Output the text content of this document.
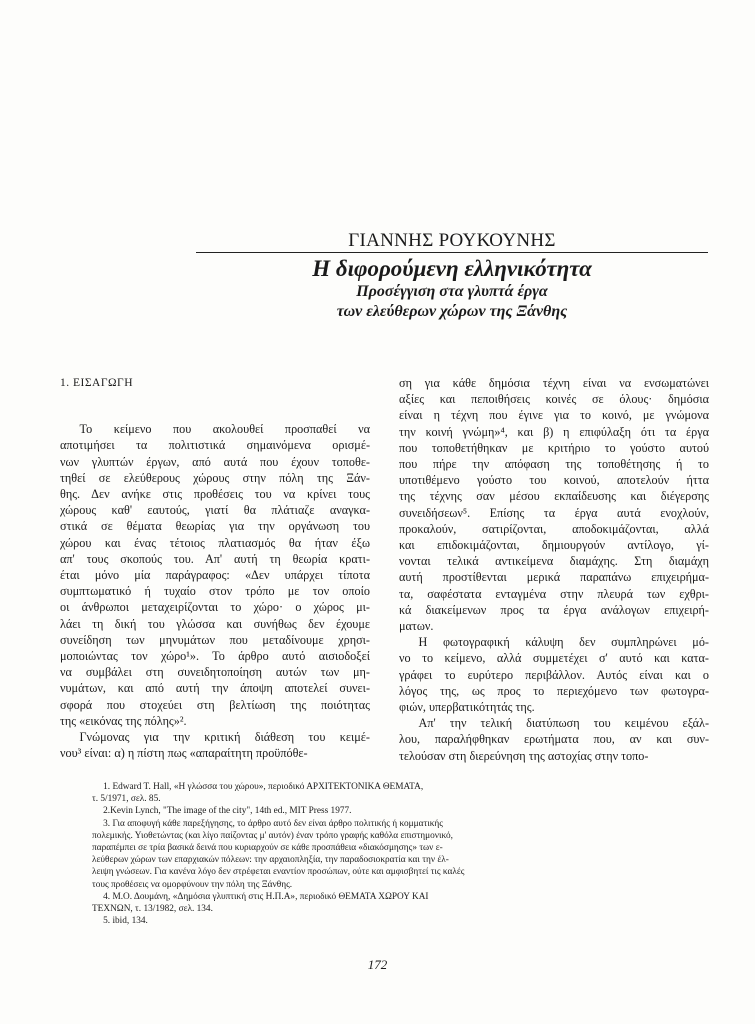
ΓΙΑΝΝΗΣ ΡΟΥΚΟΥΝΗΣ
Η διφορούμενη ελληνικότητα
Προσέγγιση στα γλυπτά έργα
των ελεύθερων χώρων της Ξάνθης
1. ΕΙΣΑΓΩΓΗ
Το κείμενο που ακολουθεί προσπαθεί να
αποτιμήσει τα πολιτιστικά σημαινόμενα ορισμέ-
νων γλυπτών έργων, από αυτά που έχουν τοποθε-
τηθεί σε ελεύθερους χώρους στην πόλη της Ξάν-
θης. Δεν ανήκε στις προθέσεις του να κρίνει τους
χώρους καθ' εαυτούς, γιατί θα πλάτιαζε αναγκα-
στικά σε θέματα θεωρίας για την οργάνωση του
χώρου και ένας τέτοιος πλατιασμός θα ήταν έξω
απ' τους σκοπούς του. Απ' αυτή τη θεωρία κρατι-
έται μόνο μία παράγραφος: «Δεν υπάρχει τίποτα
συμπτωματικό ή τυχαίο στον τρόπο με τον οποίο
οι άνθρωποι μεταχειρίζονται το χώρο· ο χώρος μι-
λάει τη δική του γλώσσα και συνήθως δεν έχουμε
συνείδηση των μηνυμάτων που μεταδίνουμε χρησι-
μοποιώντας τον χώρο¹». Το άρθρο αυτό αισιοδοξεί
να συμβάλει στη συνειδητοποίηση αυτών των μη-
νυμάτων, και από αυτή την άποψη αποτελεί συνει-
σφορά που στοχεύει στη βελτίωση της ποιότητας
της «εικόνας της πόλης»².
Γνώμονας για την κριτική διάθεση του κειμέ-
νου³ είναι: α) η πίστη πως «απαραίτητη προϋπόθε-
ση για κάθε δημόσια τέχνη είναι να ενσωματώνει
αξίες και πεποιθήσεις κοινές σε όλους· δημόσια
είναι η τέχνη που έγινε για το κοινό, με γνώμονα
την κοινή γνώμη»⁴, και β) η επιφύλαξη ότι τα έργα
που τοποθετήθηκαν με κριτήριο το γούστο αυτού
που πήρε την απόφαση της τοποθέτησης ή το
υποτιθέμενο γούστο του κοινού, αποτελούν ήττα
της τέχνης σαν μέσου εκπαίδευσης και διέγερσης
συνειδήσεων⁵. Επίσης τα έργα αυτά ενοχλούν,
προκαλούν, σατιρίζονται, αποδοκιμάζονται, αλλά
και επιδοκιμάζονται, δημιουργούν αντίλογο, γί-
νονται τελικά αντικείμενα διαμάχης. Στη διαμάχη
αυτή προστίθενται μερικά παραπάνω επιχειρήμα-
τα, σαφέστατα ενταγμένα στην πλευρά των εχθρι-
κά διακείμενων προς τα έργα ανάλογων επιχειρή-
ματων.
Η φωτογραφική κάλυψη δεν συμπληρώνει μό-
νο το κείμενο, αλλά συμμετέχει σ' αυτό και κατα-
γράφει το ευρύτερο περιβάλλον. Αυτός είναι και ο
λόγος της, ως προς το περιεχόμενο των φωτογρα-
φιών, υπερβατικότητάς της.
Απ' την τελική διατύπωση του κειμένου εξάλ-
λου, παραλήφθηκαν ερωτήματα που, αν και συν-
τελούσαν στη διερεύνηση της αστοχίας στην τοπο-
1. Edward T. Hall, «Η γλώσσα του χώρου», περιοδικό ΑΡΧΙΤΕΚΤΟΝΙΚΑ ΘΕΜΑΤΑ,
τ. 5/1971, σελ. 85.
2.Kevin Lynch, "The image of the city", 14th ed., MIT Press 1977.
3. Για αποφυγή κάθε παρεξήγησης, το άρθρο αυτό δεν είναι άρθρο πολιτικής ή κομματικής
πολεμικής. Υιοθετώντας (και λίγο παίζοντας μ' αυτόν) έναν τρόπο γραφής καθόλα επιστημονικό,
παραπέμπει σε τρία βασικά δεινά που κυριαρχούν σε κάθε προσπάθεια «διακόσμησης» των ε-
λεύθερων χώρων των επαρχιακών πόλεων: την αρχαιοπληξία, την παραδοσιοκρατία και την έλ-
λειψη γνώσεων. Για κανένα λόγο δεν στρέφεται εναντίον προσώπων, ούτε και αμφισβητεί τις καλές
τους προθέσεις να ομορφύνουν την πόλη της Ξάνθης.
4. Μ.Ο. Δουμάνη, «Δημόσια γλυπτική στις Η.Π.Α», περιοδικό ΘΕΜΑΤΑ ΧΩΡΟΥ ΚΑΙ
ΤΕΧΝΩΝ, τ. 13/1982, σελ. 134.
5. ibid, 134.
172
